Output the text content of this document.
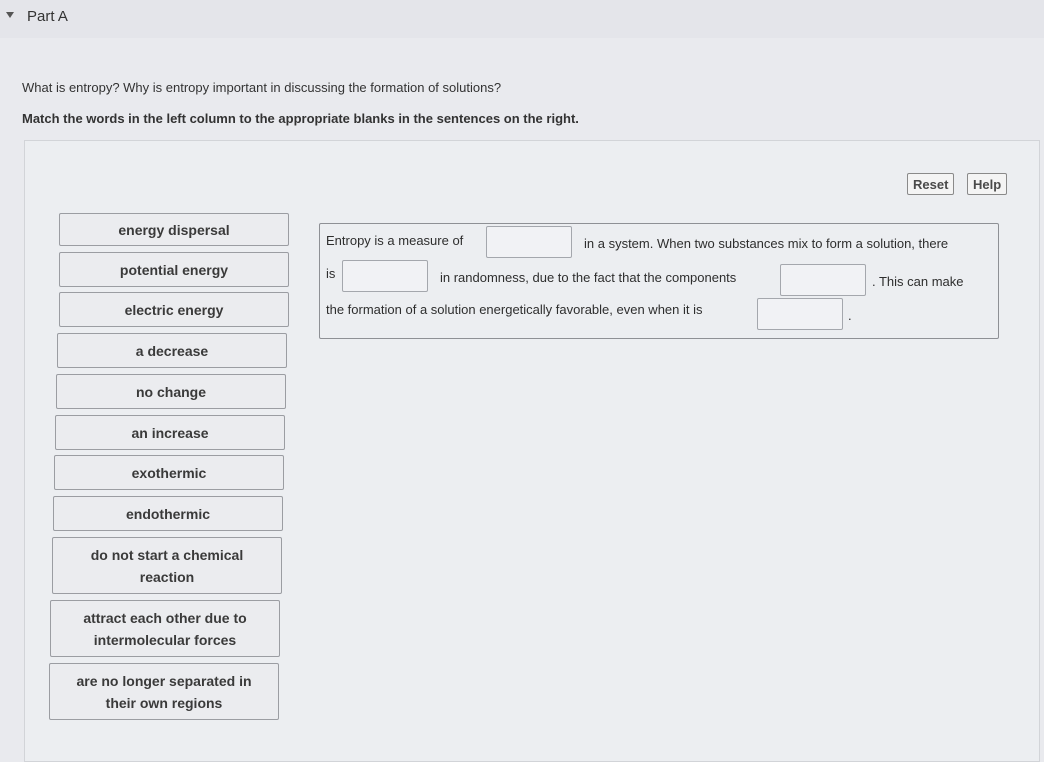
Part A
What is entropy? Why is entropy important in discussing the formation of solutions?
Match the words in the left column to the appropriate blanks in the sentences on the right.
Reset	Help
energy dispersal
potential energy
electric energy
a decrease
no change
an increase
exothermic
endothermic
do not start a chemical
reaction
attract each other due to
intermolecular forces
are no longer separated in
their own regions
Entropy is a measure of	in a system. When two substances mix to form a solution, there
is	in randomness, due to the fact that the components	. This can make
the formation of a solution energetically favorable, even when it is	.
